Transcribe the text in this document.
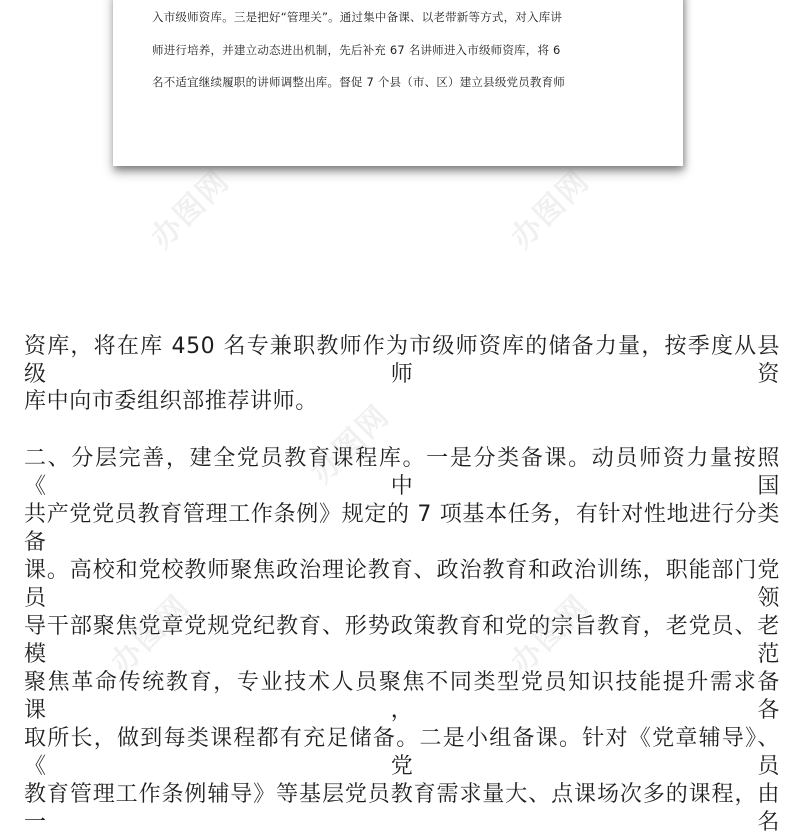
入市级师资库。三是把好“管理关”。通过集中备课、以老带新等方式，对入库讲
师进行培养，并建立动态进出机制，先后补充 67 名讲师进入市级师资库，将 6
名不适宜继续履职的讲师调整出库。督促 7 个县（市、区）建立县级党员教育师
资库，将在库 450 名专兼职教师作为市级师资库的储备力量，按季度从县级师资
库中向市委组织部推荐讲师。
二、分层完善，建全党员教育课程库。一是分类备课。动员师资力量按照《中国
共产党党员教育管理工作条例》规定的 7 项基本任务，有针对性地进行分类备
课。高校和党校教师聚焦政治理论教育、政治教育和政治训练，职能部门党员领
导干部聚焦党章党规党纪教育、形势政策教育和党的宗旨教育，老党员、老模范
聚焦革命传统教育，专业技术人员聚焦不同类型党员知识技能提升需求备课，各
取所长，做到每类课程都有充足储备。二是小组备课。针对《党章辅导》、《党员
教育管理工作条例辅导》等基层党员教育需求量大、点课场次多的课程，由一名
办图网	办图网
办图网
办图网	办图网
